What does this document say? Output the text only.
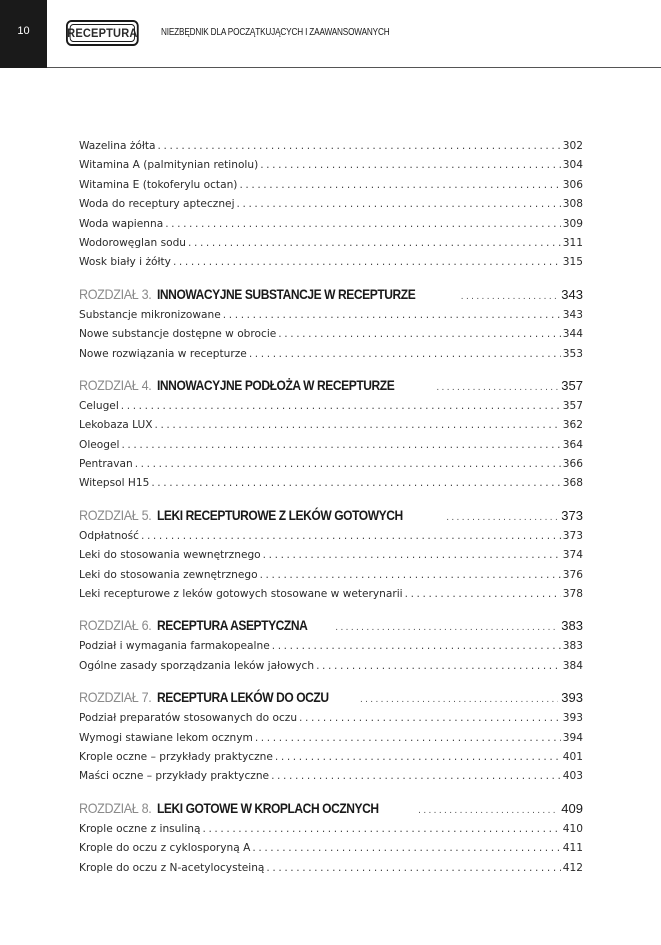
10	RECEPTURA NIEZBĘDNIK DLA POCZĄTKUJĄCYCH I ZAAWANSOWANYCH
Wazelina żółta .....	302
Witamina A (palmitynian retinolu) .....	304
Witamina E (tokoferylu octan) .....	306
Woda do receptury aptecznej .....	308
Woda wapienna .....	309
Wodorowęglan sodu .....	311
Wosk biały i żółty .....	315
ROZDZIAŁ 3. INNOWACYJNE SUBSTANCJE W RECEPTURZE .....	343
Substancje mikronizowane .....	343
Nowe substancje dostępne w obrocie .....	344
Nowe rozwiązania w recepturze .....	353
ROZDZIAŁ 4. INNOWACYJNE PODŁOŻA W RECEPTURZE .....	357
Celugel .....	357
Lekobaza LUX .....	362
Oleogel .....	364
Pentravan .....	366
Witepsol H15 .....	368
ROZDZIAŁ 5. LEKI RECEPTUROWE Z LEKÓW GOTOWYCH .....	373
Odpłatność .....	373
Leki do stosowania wewnętrznego .....	374
Leki do stosowania zewnętrznego .....	376
Leki recepturowe z leków gotowych stosowane w weterynarii .....	378
ROZDZIAŁ 6. RECEPTURA ASEPTYCZNA .....	383
Podział i wymagania farmakopealne .....	383
Ogólne zasady sporządzania leków jałowych .....	384
ROZDZIAŁ 7. RECEPTURA LEKÓW DO OCZU .....	393
Podział preparatów stosowanych do oczu .....	393
Wymogi stawiane lekom ocznym .....	394
Krople oczne – przykłady praktyczne .....	401
Maści oczne – przykłady praktyczne .....	403
ROZDZIAŁ 8. LEKI GOTOWE W KROPLACH OCZNYCH .....	409
Krople oczne z insuliną .....	410
Krople do oczu z cyklosporyną A .....	411
Krople do oczu z N-acetylocysteiną .....	412
